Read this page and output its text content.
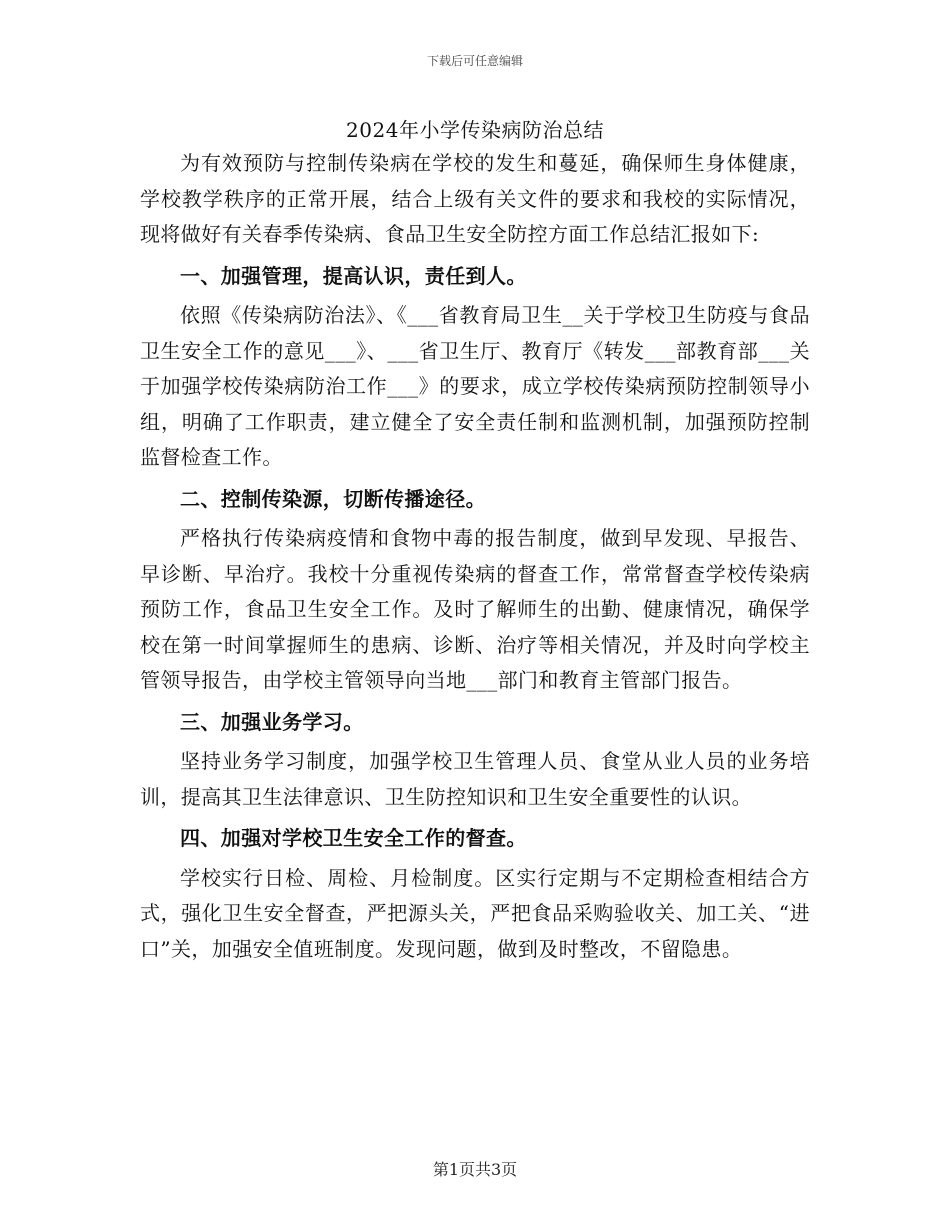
下载后可任意编辑
2024年小学传染病防治总结

为有效预防与控制传染病在学校的发生和蔓延，确保师生身体健康，学校教学秩序的正常开展，结合上级有关文件的要求和我校的实际情况，现将做好有关春季传染病、食品卫生安全防控方面工作总结汇报如下:

一、加强管理，提高认识，责任到人。

依照《传染病防治法》、《___省教育局卫生__关于学校卫生防疫与食品卫生安全工作的意见___》、___省卫生厅、教育厅《转发___部教育部___关于加强学校传染病防治工作___》的要求，成立学校传染病预防控制领导小组，明确了工作职责，建立健全了安全责任制和监测机制，加强预防控制监督检查工作。

二、控制传染源，切断传播途径。

严格执行传染病疫情和食物中毒的报告制度，做到早发现、早报告、早诊断、早治疗。我校十分重视传染病的督查工作，常常督查学校传染病预防工作，食品卫生安全工作。及时了解师生的出勤、健康情况，确保学校在第一时间掌握师生的患病、诊断、治疗等相关情况，并及时向学校主管领导报告，由学校主管领导向当地___部门和教育主管部门报告。

三、加强业务学习。

坚持业务学习制度，加强学校卫生管理人员、食堂从业人员的业务培训，提高其卫生法律意识、卫生防控知识和卫生安全重要性的认识。

四、加强对学校卫生安全工作的督查。

学校实行日检、周检、月检制度。区实行定期与不定期检查相结合方式，强化卫生安全督查，严把源头关，严把食品采购验收关、加工关、“进口”关，加强安全值班制度。发现问题，做到及时整改，不留隐患。

第1页共3页
